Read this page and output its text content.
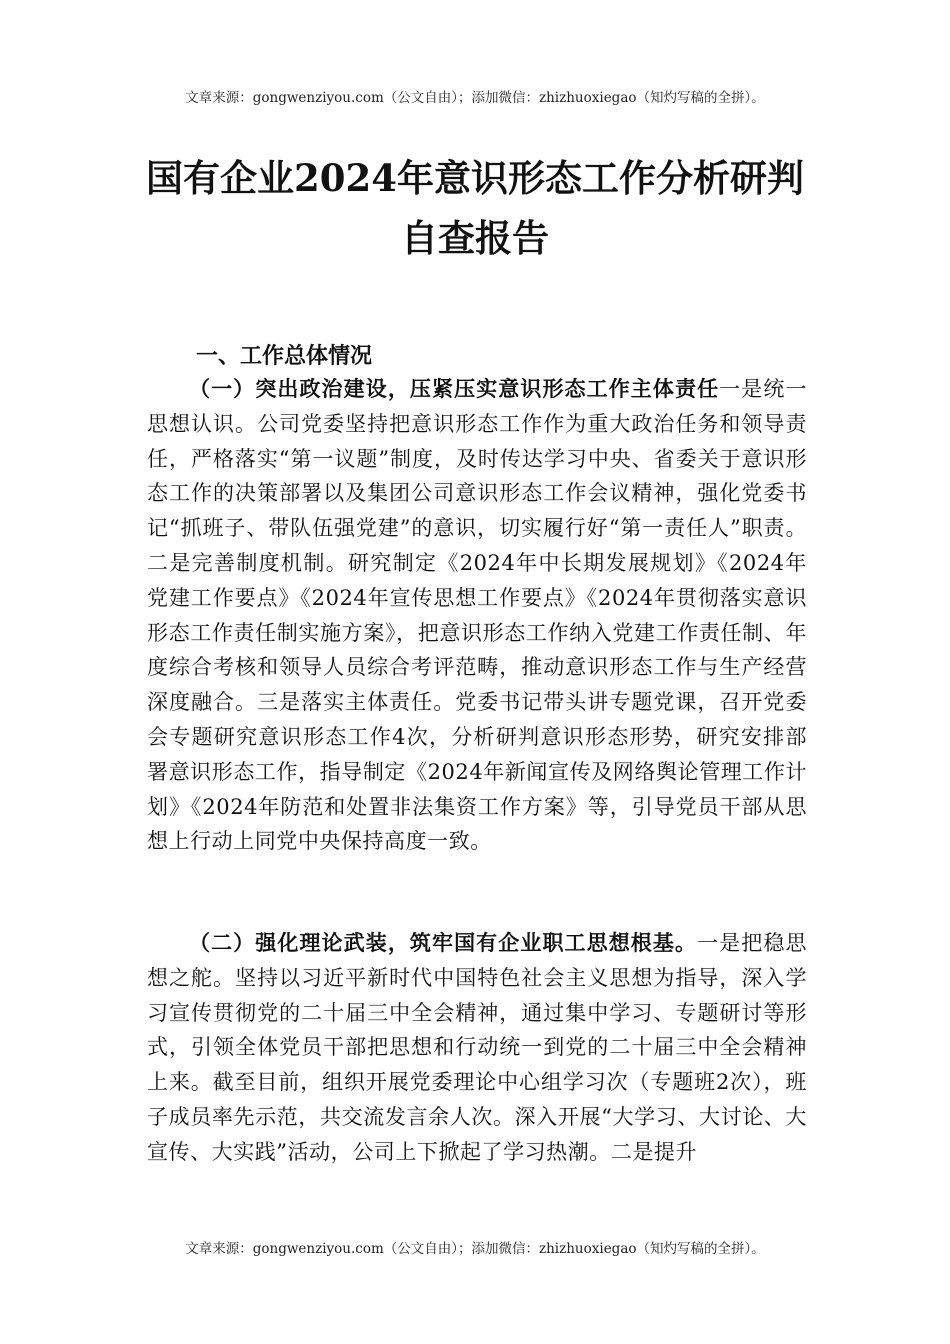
文章来源：gongwenziyou.com（公文自由）；添加微信：zhizhuoxiegao（知灼写稿的全拼）。
国有企业2024年意识形态工作分析研判自查报告
一、工作总体情况

（一）突出政治建设，压紧压实意识形态工作主体责任一是统一思想认识。公司党委坚持把意识形态工作作为重大政治任务和领导责任，严格落实“第一议题”制度，及时传达学习中央、省委关于意识形态工作的决策部署以及集团公司意识形态工作会议精神，强化党委书记“抓班子、带队伍强党建”的意识，切实履行好“第一责任人”职责。二是完善制度机制。研究制定《2024年中长期发展规划》《2024年党建工作要点》《2024年宣传思想工作要点》《2024年贯彻落实意识形态工作责任制实施方案》，把意识形态工作纳入党建工作责任制、年度综合考核和领导人员综合考评范畴，推动意识形态工作与生产经营深度融合。三是落实主体责任。党委书记带头讲专题党课，召开党委会专题研究意识形态工作4次，分析研判意识形态形势，研究安排部署意识形态工作，指导制定《2024年新闻宣传及网络舆论管理工作计划》《2024年防范和处置非法集资工作方案》等，引导党员干部从思想上行动上同党中央保持高度一致。

（二）强化理论武装，筑牢国有企业职工思想根基。一是把稳思想之舵。坚持以习近平新时代中国特色社会主义思想为指导，深入学习宣传贯彻党的二十届三中全会精神，通过集中学习、专题研讨等形式，引领全体党员干部把思想和行动统一到党的二十届三中全会精神上来。截至目前，组织开展党委理论中心组学习次（专题班2次），班子成员率先示范，共交流发言余人次。深入开展“大学习、大讨论、大宣传、大实践”活动，公司上下掀起了学习热潮。二是提升

文章来源：gongwenziyou.com（公文自由）；添加微信：zhizhuoxiegao（知灼写稿的全拼）。
